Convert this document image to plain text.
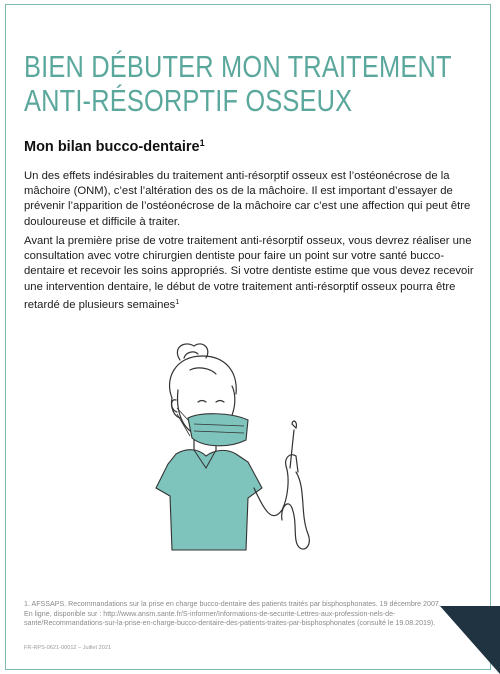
BIEN DÉBUTER MON TRAITEMENT
ANTI-RÉSORPTIF OSSEUX
Mon bilan bucco-dentaire$^1$

Un des effets indésirables du traitement anti-résorptif osseux est l’ostéonécrose de la mâchoire (ONM), c’est l’altération des os de la mâchoire. Il est important d’essayer de prévenir l’apparition de l’ostéonécrose de la mâchoire car c’est une affection qui peut être douloureuse et difficile à traiter.

Avant la première prise de votre traitement anti-résorptif osseux, vous devrez réaliser une consultation avec votre chirurgien dentiste pour faire un point sur votre santé bucco-dentaire et recevoir les soins appropriés. Si votre dentiste estime que vous devez recevoir une intervention dentaire, le début de votre traitement anti-résorptif osseux pourra être retardé de plusieurs semaines$^1$

1. AFSSAPS. Recommandations sur la prise en charge bucco-dentaire des patients traités par bisphosphonates. 19 décembre 2007. En ligne, disponible sur : http://www.ansm.sante.fr/S-informer/Informations-de-securite-Lettres-aux-profession-nels-de-sante/Recommandations-sur-la-prise-en-charge-bucco-dentaire-des-patients-traites-par-bisphosphonates (consulté le 19.08.2019).

FR-RPS-0621-00012 – Juillet 2021
